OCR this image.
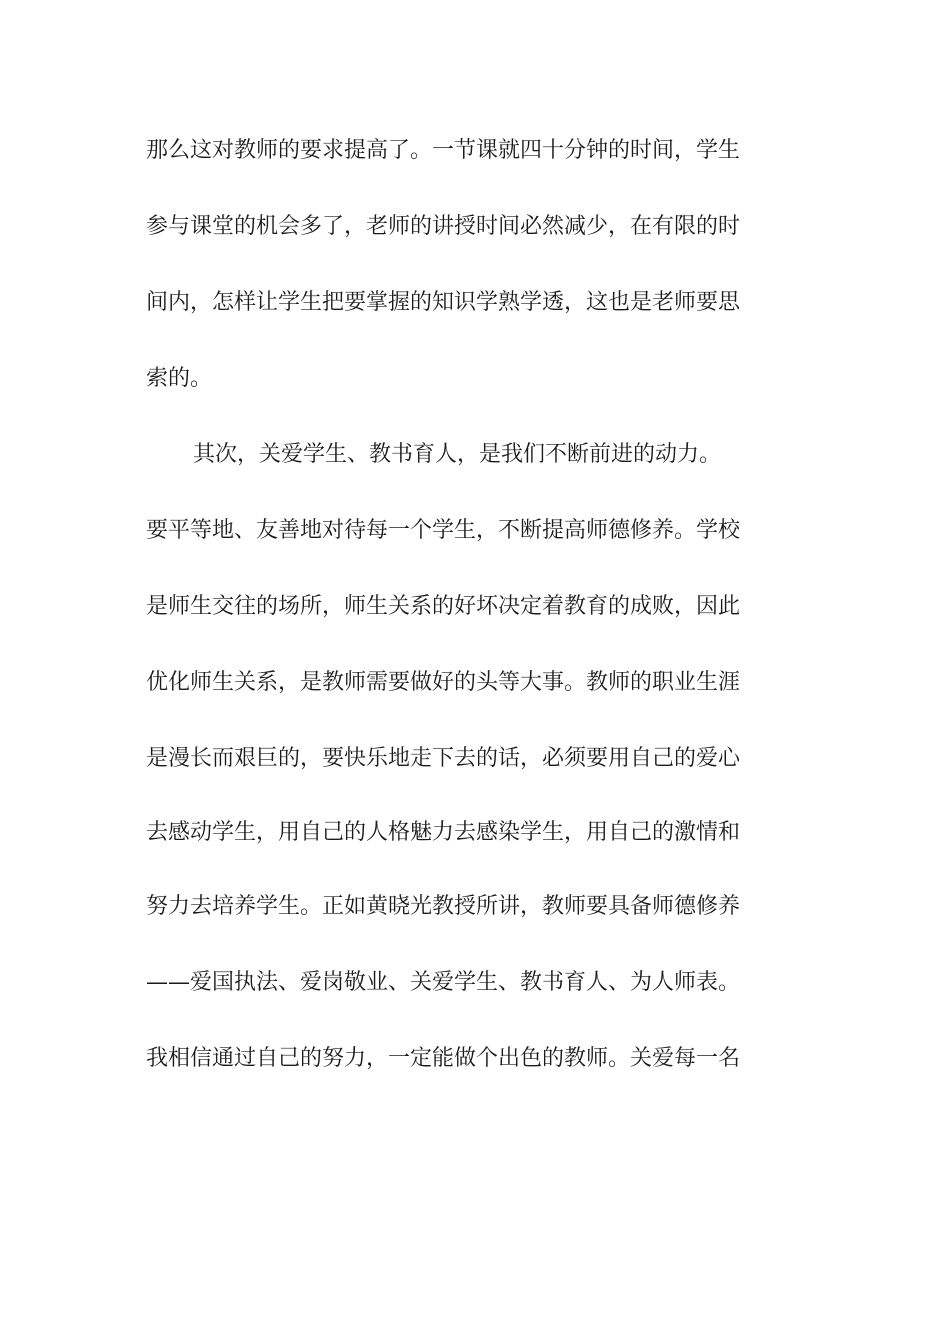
那么这对教师的要求提高了。一节课就四十分钟的时间，学生
参与课堂的机会多了，老师的讲授时间必然减少，在有限的时
间内，怎样让学生把要掌握的知识学熟学透，这也是老师要思
索的。
其次，关爱学生、教书育人，是我们不断前进的动力。
要平等地、友善地对待每一个学生，不断提高师德修养。学校
是师生交往的场所，师生关系的好坏决定着教育的成败，因此
优化师生关系，是教师需要做好的头等大事。教师的职业生涯
是漫长而艰巨的，要快乐地走下去的话，必须要用自己的爱心
去感动学生，用自己的人格魅力去感染学生，用自己的激情和
努力去培养学生。正如黄晓光教授所讲，教师要具备师德修养
——爱国执法、爱岗敬业、关爱学生、教书育人、为人师表。
我相信通过自己的努力，一定能做个出色的教师。关爱每一名
